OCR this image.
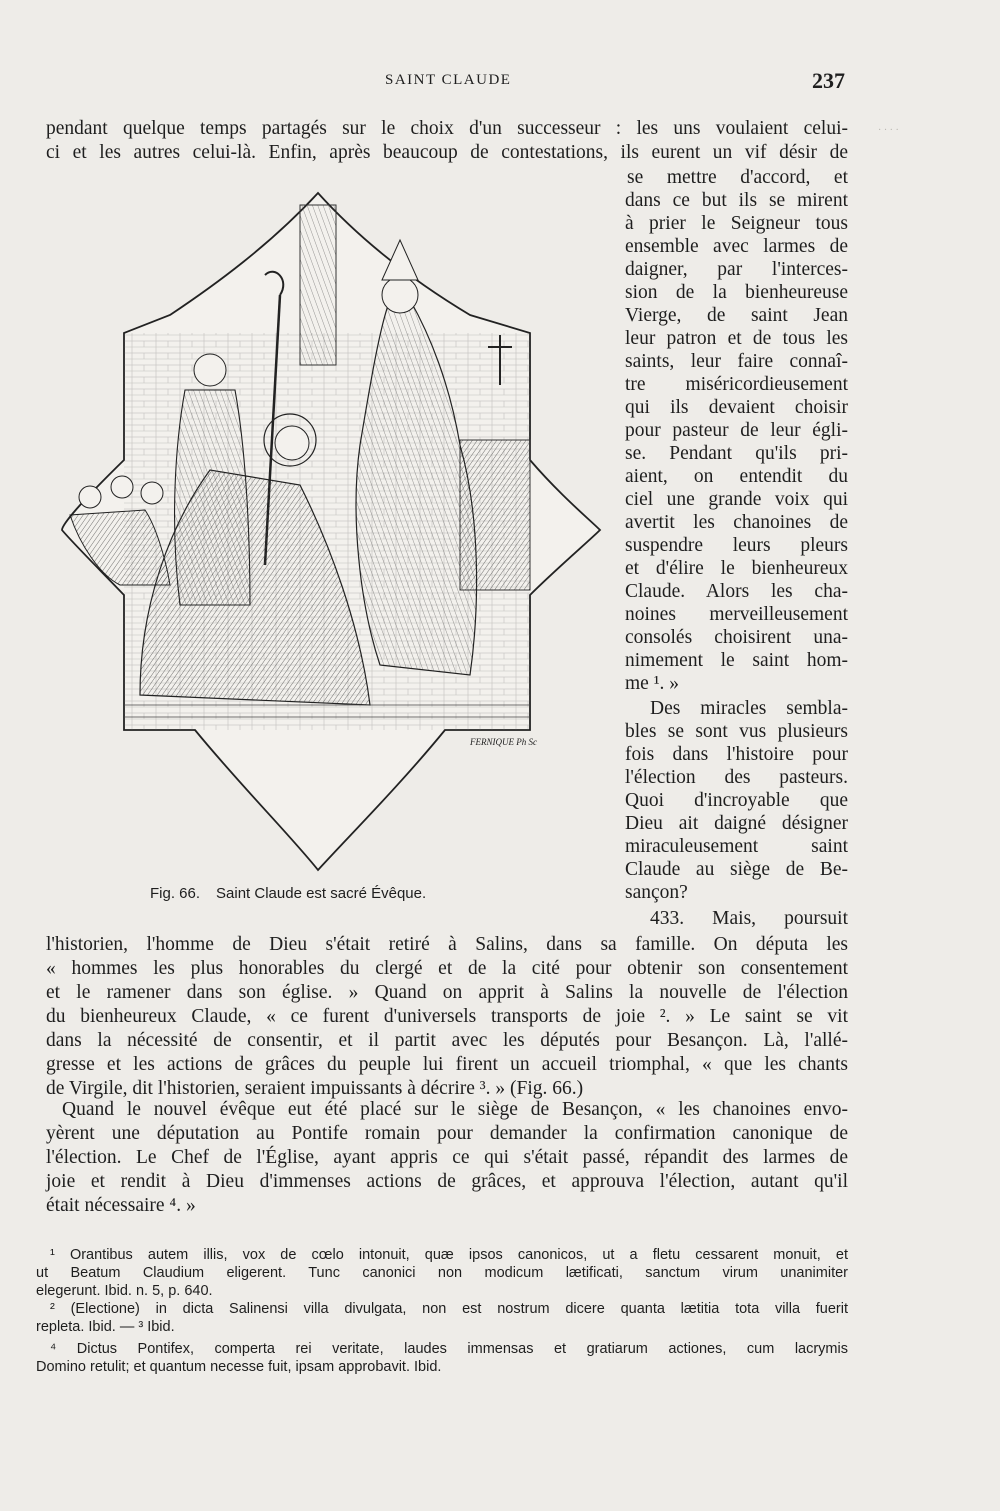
· · · ·
SAINT CLAUDE	237
pendant quelque temps partagés sur le choix d'un successeur : les uns voulaient celui-
ci et les autres celui-là. Enfin, après beaucoup de contestations, ils eurent un vif désir de
se mettre d'accord, et
dans ce but ils se mirent
à prier le Seigneur tous
ensemble avec larmes de
daigner, par l'interces-
sion de la bienheureuse
Vierge, de saint Jean
leur patron et de tous les
saints, leur faire connaî-
tre miséricordieusement
qui ils devaient choisir
pour pasteur de leur égli-
se. Pendant qu'ils pri-
aient, on entendit du
ciel une grande voix qui
avertit les chanoines de
suspendre leurs pleurs
et d'élire le bienheureux
Claude. Alors les cha-
noines merveilleusement
consolés choisirent una-
nimement le saint hom-
me ¹. »
Des miracles sembla-
bles se sont vus plusieurs
fois dans l'histoire pour
l'élection des pasteurs.
Quoi d'incroyable que
Dieu ait daigné désigner
miraculeusement saint
Claude au siège de Be-
sançon?
433. Mais, poursuit
FERNIQUE Ph Sc
Fig. 66. Saint Claude est sacré Évêque.
l'historien, l'homme de Dieu s'était retiré à Salins, dans sa famille. On députa les
« hommes les plus honorables du clergé et de la cité pour obtenir son consentement
et le ramener dans son église. » Quand on apprit à Salins la nouvelle de l'élection
du bienheureux Claude, « ce furent d'universels transports de joie ². » Le saint se vit
dans la nécessité de consentir, et il partit avec les députés pour Besançon. Là, l'allé-
gresse et les actions de grâces du peuple lui firent un accueil triomphal, « que les chants
de Virgile, dit l'historien, seraient impuissants à décrire ³. » (Fig. 66.)
Quand le nouvel évêque eut été placé sur le siège de Besançon, « les chanoines envo-
yèrent une députation au Pontife romain pour demander la confirmation canonique de
l'élection. Le Chef de l'Église, ayant appris ce qui s'était passé, répandit des larmes de
joie et rendit à Dieu d'immenses actions de grâces, et approuva l'élection, autant qu'il
était nécessaire ⁴. »
¹ Orantibus autem illis, vox de cœlo intonuit, quæ ipsos canonicos, ut a fletu cessarent monuit, et
ut Beatum Claudium eligerent. Tunc canonici non modicum lætificati, sanctum virum unanimiter
elegerunt. Ibid. n. 5, p. 640.
² (Electione) in dicta Salinensi villa divulgata, non est nostrum dicere quanta lætitia tota villa fuerit
repleta. Ibid. — ³ Ibid.
⁴ Dictus Pontifex, comperta rei veritate, laudes immensas et gratiarum actiones, cum lacrymis
Domino retulit; et quantum necesse fuit, ipsam approbavit. Ibid.
